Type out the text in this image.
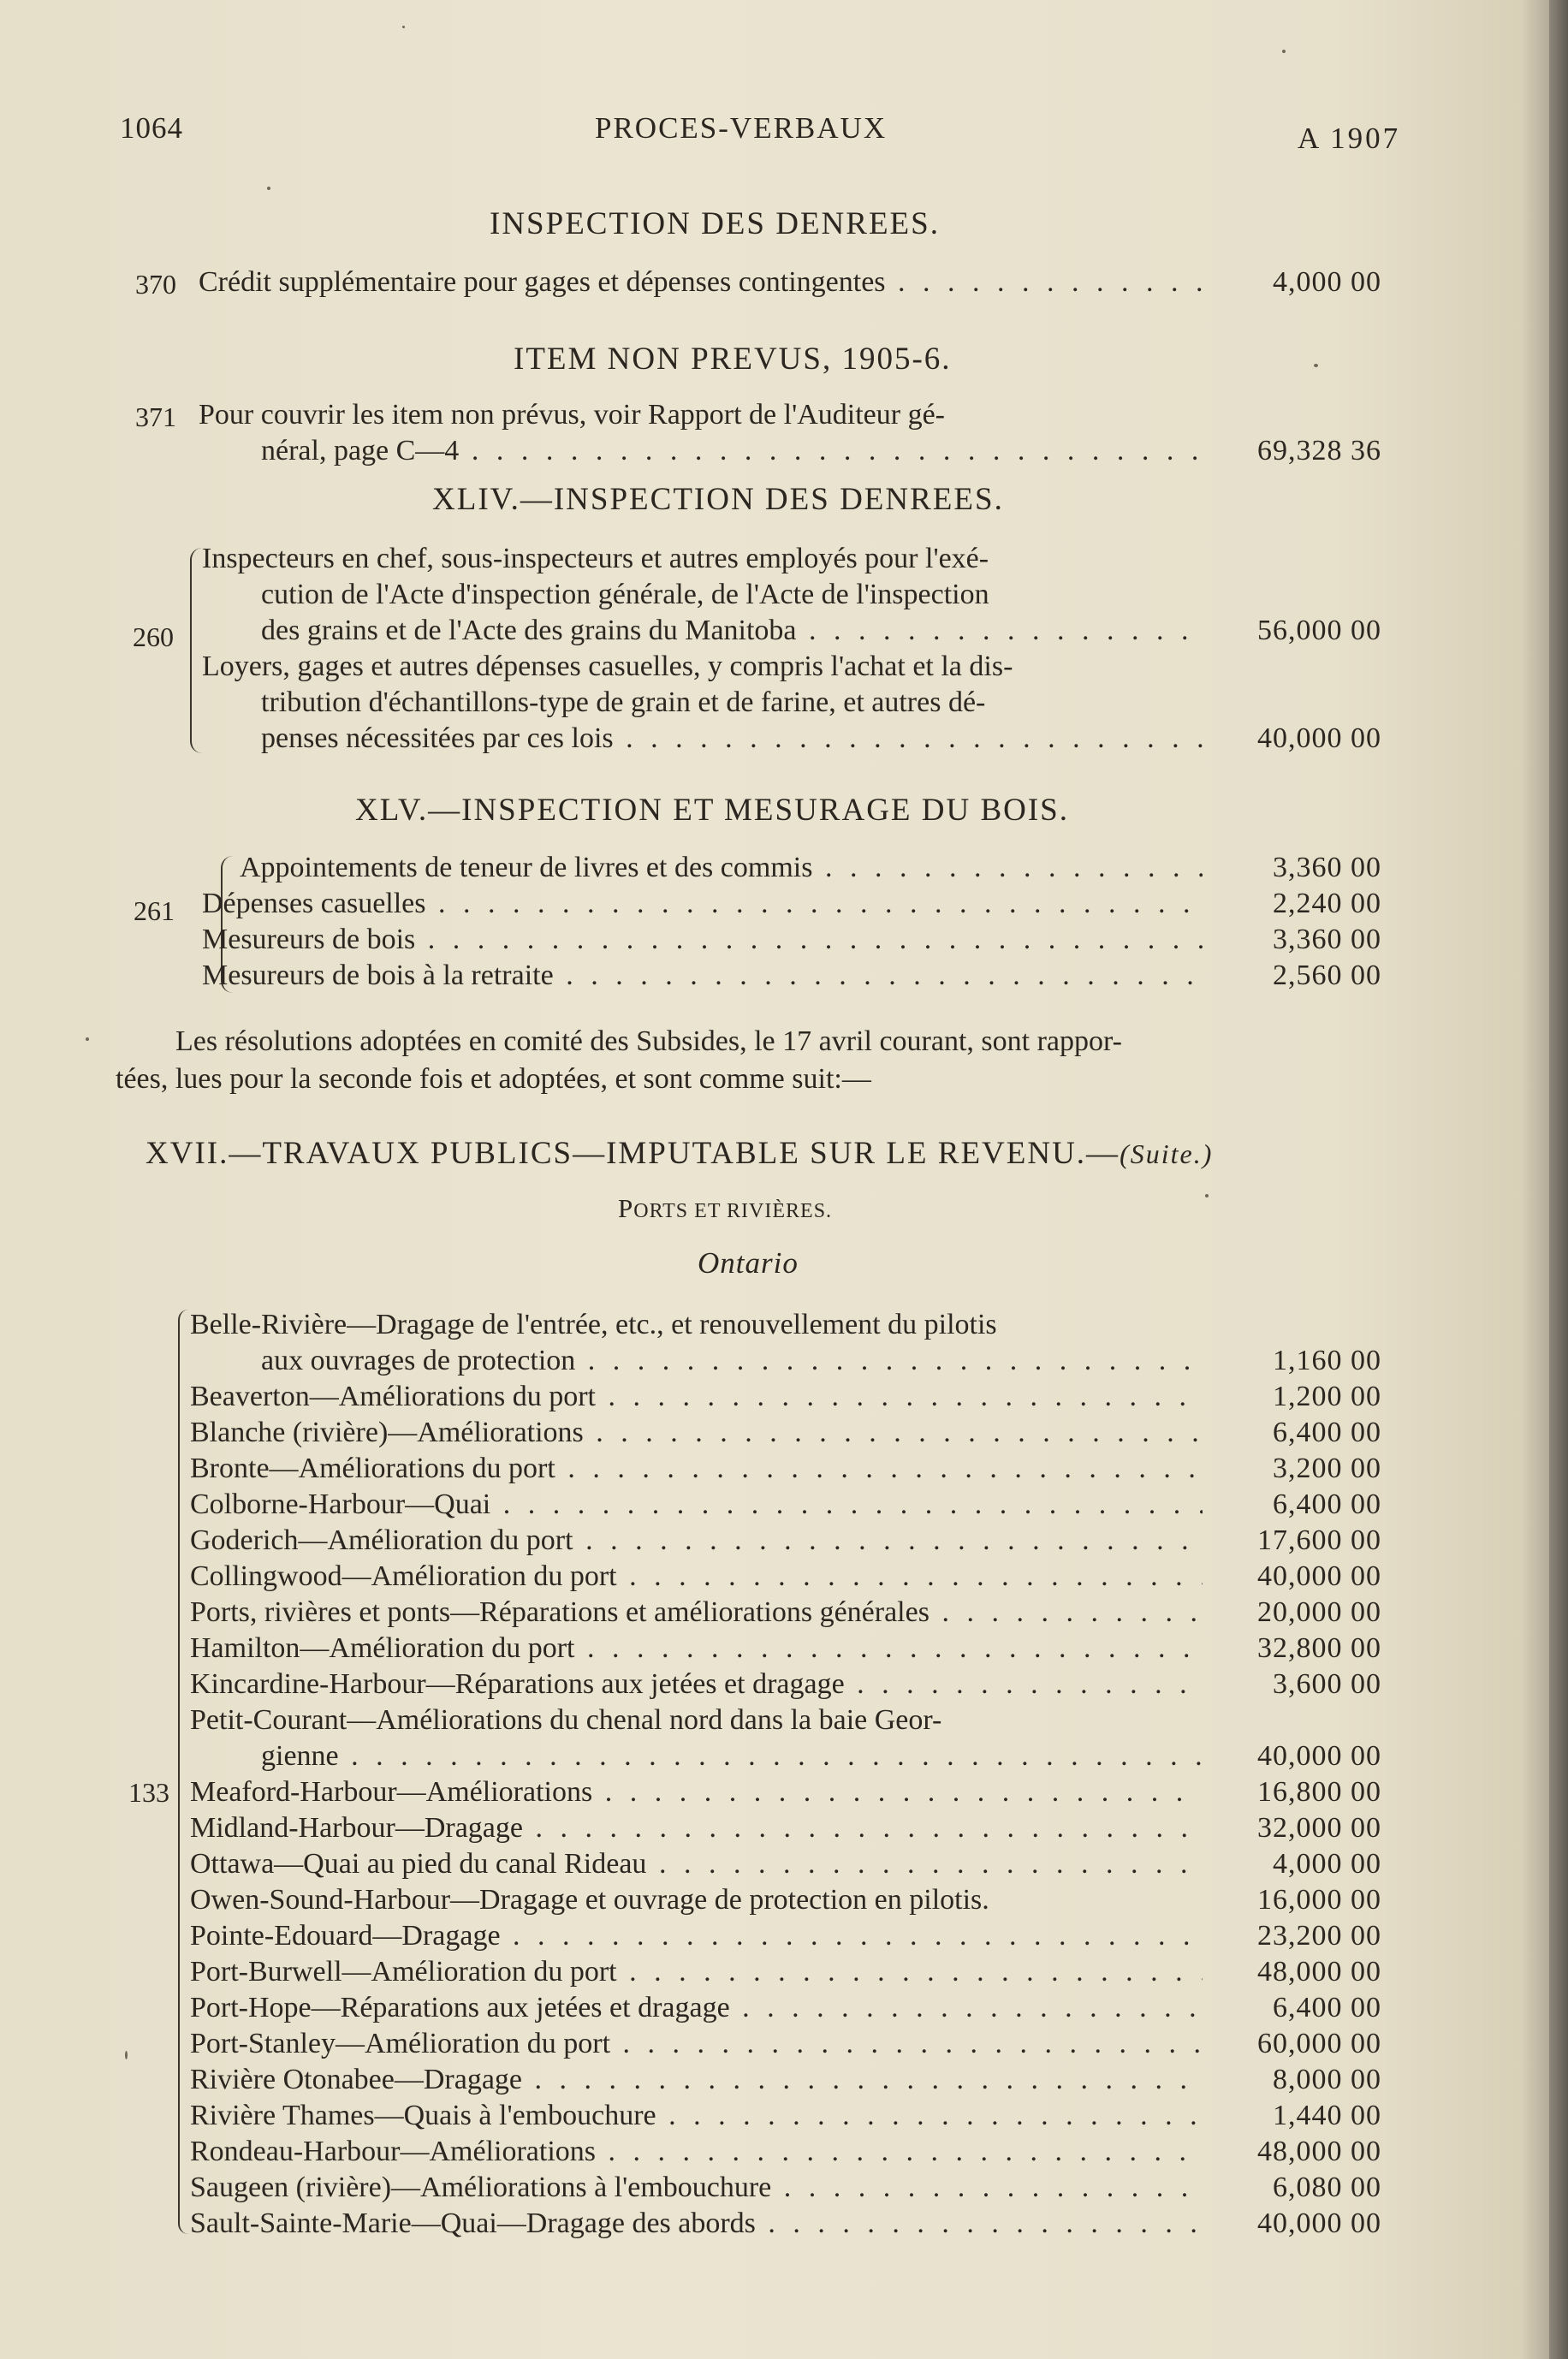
1064	PROCES-VERBAUX	A 1907
INSPECTION DES DENREES.
370 Crédit supplémentaire pour gages et dépenses contingentes . . .	4,000 00
ITEM NON PREVUS, 1905-6.
371 Pour couvrir les item non prévus, voir Rapport de l'Auditeur gé-
néral, page C—4 . . .	69,328 36
XLIV.—INSPECTION DES DENREES.
260
Inspecteurs en chef, sous-inspecteurs et autres employés pour l'exé-
cution de l'Acte d'inspection générale, de l'Acte de l'inspection
des grains et de l'Acte des grains du Manitoba . . .	56,000 00
Loyers, gages et autres dépenses casuelles, y compris l'achat et la dis-
tribution d'échantillons-type de grain et de farine, et autres dé-
penses nécessitées par ces lois . . .	40,000 00
XLV.—INSPECTION ET MESURAGE DU BOIS.
261
Appointements de teneur de livres et des commis . . .	3,360 00
Dépenses casuelles . . .	2,240 00
Mesureurs de bois . . .	3,360 00
Mesureurs de bois à la retraite . . .	2,560 00
Les résolutions adoptées en comité des Subsides, le 17 avril courant, sont rappor-
tées, lues pour la seconde fois et adoptées, et sont comme suit:—
XVII.—TRAVAUX PUBLICS—IMPUTABLE SUR LE REVENU.—(Suite.)
PORTS ET RIVIÈRES.
Ontario
133
Belle-Rivière—Dragage de l'entrée, etc., et renouvellement du pilotis
aux ouvrages de protection . . .	1,160 00
Beaverton—Améliorations du port . . .	1,200 00
Blanche (rivière)—Améliorations . . .	6,400 00
Bronte—Améliorations du port . . .	3,200 00
Colborne-Harbour—Quai . . .	6,400 00
Goderich—Amélioration du port . . .	17,600 00
Collingwood—Amélioration du port . . .	40,000 00
Ports, rivières et ponts—Réparations et améliorations générales . . .	20,000 00
Hamilton—Amélioration du port . . .	32,800 00
Kincardine-Harbour—Réparations aux jetées et dragage . . .	3,600 00
Petit-Courant—Améliorations du chenal nord dans la baie Geor-
gienne . . .	40,000 00
Meaford-Harbour—Améliorations . . .	16,800 00
Midland-Harbour—Dragage . . .	32,000 00
Ottawa—Quai au pied du canal Rideau . . .	4,000 00
Owen-Sound-Harbour—Dragage et ouvrage de protection en pilotis.	16,000 00
Pointe-Edouard—Dragage . . .	23,200 00
Port-Burwell—Amélioration du port . . .	48,000 00
Port-Hope—Réparations aux jetées et dragage . . .	6,400 00
Port-Stanley—Amélioration du port . . .	60,000 00
Rivière Otonabee—Dragage . . .	8,000 00
Rivière Thames—Quais à l'embouchure . . .	1,440 00
Rondeau-Harbour—Améliorations . . .	48,000 00
Saugeen (rivière)—Améliorations à l'embouchure . . .	6,080 00
Sault-Sainte-Marie—Quai—Dragage des abords . . .	40,000 00
